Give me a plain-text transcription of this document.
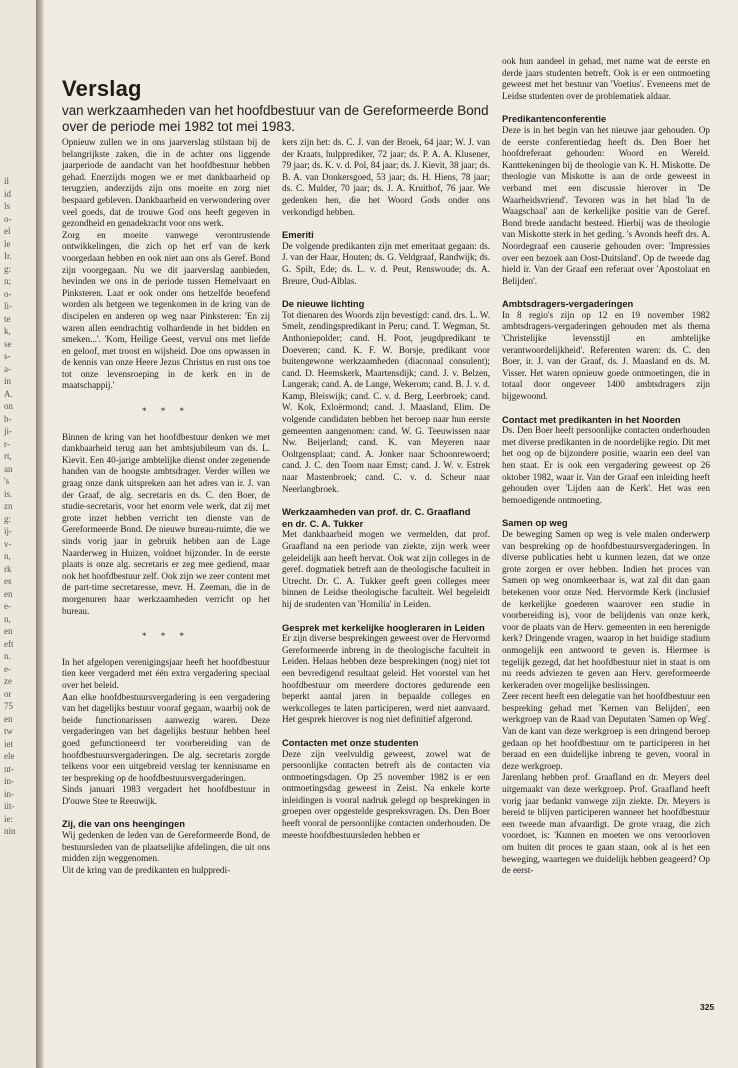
il
id
ls
o-
el
le
Ir.
g:
n;
o-
li-
te
k,
se
s-
a-
in
A.
on
b-
ji-
r-
rt,
an
's
is.
zn
g:
ij-
v-
n,
rk
es
en
e-
n,
en
eft
n.
e-
ze
or
75
en
tw
iet
ele
nt-
in-
in-
iit-
ie:
nin
Verslag
van werkzaamheden van het hoofdbestuur van de Gereformeerde Bond over de periode mei 1982 tot mei 1983.

Opnieuw zullen we in ons jaarverslag stilstaan bij de belangrijkste zaken, die in de achter ons liggende jaarperiode de aandacht van het hoofdbestuur hebben gehad. Enerzijds mogen we er met dankbaarheid op terugzien, anderzijds zijn ons moeite en zorg niet bespaard gebleven. Dankbaarheid en verwondering over veel goeds, dat de trouwe God ons heeft gegeven in gezondheid en genadekracht voor ons werk.

Zorg en moeite vanwege verontrustende ontwikkelingen, die zich op het erf van de kerk voorgedaan hebben en ook niet aan ons als Geref. Bond zijn voorgegaan. Nu we dit jaarverslag aanbieden, bevinden we ons in de periode tussen Hemelvaart en Pinksteren. Laat er ook onder ons hetzelfde beoefend worden als hetgeen we tegenkomen in de kring van de discipelen en anderen op weg naar Pinksteren: 'En zij waren allen eendrachtig volhardende in het bidden en smeken...'. 'Kom, Heilige Geest, vervul ons met liefde en geloof, met troost en wijsheid. Doe ons opwassen in de kennis van onze Heere Jezus Christus en rust ons toe tot onze levensroeping in de kerk en in de maatschappij.'

* * *

Binnen de kring van het hoofdbestuur denken we met dankbaarheid terug aan het ambtsjubileum van ds. L. Kievit. Een 40-jarige ambtelijke dienst onder zegenende handen van de hoogste ambtsdrager. Verder willen we graag onze dank uitspreken aan het adres van ir. J. van der Graaf, de alg. secretaris en ds. C. den Boer, de studie-secretaris, voor het enorm vele werk, dat zij met grote inzet hebben verricht ten dienste van de Gereformeerde Bond. De nieuwe bureau-ruimte, die we sinds vorig jaar in gebruik hebben aan de Lage Naarderweg in Huizen, voldoet bijzonder. In de eerste plaats is onze alg. secretaris er zeg mee gediend, maar ook het hoofdbestuur zelf. Ook zijn we zeer content met de part-time secretaresse, mevr. H. Zeeman, die in de morgenuren haar werkzaamheden verricht op het bureau.

* * *

In het afgelopen verenigingsjaar heeft het hoofdbestuur tien keer vergaderd met één extra vergadering speciaal over het beleid.

Aan elke hoofdbestuursvergadering is een vergadering van het dagelijks bestuur vooraf gegaan, waarbij ook de beide functionarissen aanwezig waren. Deze vergaderingen van het dagelijks bestuur hebben heel goed gefunctioneerd ter voorbereiding van de hoofdbestuursvergaderingen. De alg. secretaris zorgde telkens voor een uitgebreid verslag ter kennisname en ter bespreking op de hoofdbestuursvergaderingen.

Sinds januari 1983 vergadert het hoofdbestuur in D'ouwe Stee te Reeuwijk.

Zij, die van ons heengingen

Wij gedenken de leden van de Gereformeerde Bond, de bestuursleden van de plaatselijke afdelingen, die uit ons midden zijn weggenomen.

Uit de kring van de predikanten en hulppredi-

kers zijn het: ds. C. J. van der Broek, 64 jaar; W. J. van der Kraats, hulpprediker, 72 jaar; ds. P. A. A. Klusener, 79 jaar; ds. K. v. d. Pol, 84 jaar; ds. J. Kievit, 38 jaar; ds. B. A. van Donkersgoed, 53 jaar; ds. H. Hiens, 78 jaar; ds. C. Mulder, 70 jaar; ds. J. A. Kruithof, 76 jaar. We gedenken hen, die het Woord Gods onder ons verkondigd hebben.

Emeriti

De volgende predikanten zijn met emeritaat gegaan: ds. J. van der Haar, Houten; ds. G. Veldgraaf, Randwijk; ds. G. Spilt, Ede; ds. L. v. d. Peut, Renswoude; ds. A. Breure, Oud-Alblas.

De nieuwe lichting

Tot dienaren des Woords zijn bevestigd: cand. drs. L. W. Smelt, zendingspredikant in Peru; cand. T. Wegman, St. Anthoniepolder; cand. H. Poot, jeugdpredikant te Doeveren; cand. K. F. W. Borsje, predikant voor buitengewone werkzaamheden (diaconaal consulent); cand. D. Heemskerk, Maartensdijk; cand. J. v. Belzen, Langerak; cand. A. de Lange, Wekerom; cand. B. J. v. d. Kamp, Bleiswijk; cand. C. v. d. Berg, Leerbroek; cand. W. Kok, Exloërmond; cand. J. Maasland, Elim. De volgende candidaten hebben het beroep naar hun eerste gemeenten aangenomen: cand. W. G. Teeuwissen naar Nw. Beijerland; cand. K. van Meyeren naar Ooltgensplaat; cand. A. Jonker naar Schoonrewoerd; cand. J. C. den Toom naar Emst; cand. J. W. v. Estrek naar Mastenbroek; cand. C. v. d. Scheur naar Neerlangbroek.

Werkzaamheden van prof. dr. C. Graafland

en dr. C. A. Tukker

Met dankbaarheid mogen we vermelden, dat prof. Graafland na een periode van ziekte, zijn werk weer geleidelijk aan heeft hervat. Ook wat zijn colleges in de geref. dogmatiek betreft aan de theologische faculteit in Utrecht. Dr. C. A. Tukker geeft geen colleges meer binnen de Leidse theologische faculteit. Wel begeleidt hij de studenten van 'Homilia' in Leiden.

Gesprek met kerkelijke hoogleraren in Leiden

Er zijn diverse besprekingen geweest over de Hervormd Gereformeerde inbreng in de theologische faculteit in Leiden. Helaas hebben deze besprekingen (nog) niet tot een bevredigend resultaat geleid. Het voorstel van het hoofdbestuur om meerdere doctores gedurende een beperkt aantal jaren in bepaalde colleges en werkcolleges te laten participeren, werd niet aanvaard. Het gesprek hierover is nog niet definitief afgerond.

Contacten met onze studenten

Deze zijn veelvuldig geweest, zowel wat de persoonlijke contacten betreft als de contacten via ontmoetingsdagen. Op 25 november 1982 is er een ontmoetingsdag geweest in Zeist. Na enkele korte inleidingen is vooral nadruk gelegd op besprekingen in groepen over opgestelde gespreksvragen. Ds. Den Boer heeft vooral de persoonlijke contacten onderhouden. De meeste hoofdbestuursleden hebben er

ook hun aandeel in gehad, met name wat de eerste en derde jaars studenten betreft. Ook is er een ontmoeting geweest met het bestuur van 'Voetius'. Eveneens met de Leidse studenten over de problematiek aldaar.

Predikantenconferentie

Deze is in het begin van het nieuwe jaar gehouden. Op de eerste conferentiedag heeft ds. Den Boer het hoofdreferaat gehouden: Woord en Wereld. Kanttekeningen bij de theologie van K. H. Miskotte. De theologie van Miskotte is aan de orde geweest in verband met een discussie hierover in 'De Waarheidsvriend'. Tevoren was in het blad 'In de Waagschaal' aan de kerkelijke positie van de Geref. Bond brede aandacht besteed. Hierbij was de theologie van Miskotte sterk in het geding. 's Avonds heeft drs. A. Noordegraaf een causerie gehouden over: 'Impressies over een bezoek aan Oost-Duitsland'. Op de tweede dag hield ir. Van der Graaf een referaat over 'Apostolaat en Belijden'.

Ambtsdragers-vergaderingen

In 8 regio's zijn op 12 en 19 november 1982 ambtsdragers-vergaderingen gehouden met als thema 'Christelijke levensstijl en ambtelijke verantwoordelijkheid'. Referenten waren: ds. C. den Boer, ir. J. van der Graaf, ds. J. Maasland en ds. M. Visser. Het waren opnieuw goede ontmoetingen, die in totaal door ongeveer 1400 ambtsdragers zijn bijgewoond.

Contact met predikanten in het Noorden

Ds. Den Boer heeft persoonlijke contacten onderhouden met diverse predikanten in de noordelijke regio. Dit met het oog op de bijzondere positie, waarin een deel van hen staat. Er is ook een vergadering geweest op 26 oktober 1982, waar ir. Van der Graaf een inleiding heeft gehouden over 'Lijden aan de Kerk'. Het was een bemoedigende ontmoeting.

Samen op weg

De beweging Samen op weg is vele malen onderwerp van bespreking op de hoofdbestuursvergaderingen. In diverse publicaties hebt u kunnen lezen, dat we onze grote zorgen er over hebben. Indien het proces van Samen op weg onomkeerbaar is, wat zal dit dan gaan betekenen voor onze Ned. Hervormde Kerk (inclusief de kerkelijke goederen waarover een studie in voorbereiding is), voor de belijdenis van onze kerk, voor de plaats van de Herv. gemeenten in een herenigde kerk? Dringende vragen, waarop in het huidige stadium onmogelijk een antwoord te geven is. Hiermee is tegelijk gezegd, dat het hoofdbestuur niet in staat is om nu reeds adviezen te geven aan Herv. gereformeerde kerkeraden over mogelijke beslissingen.

Zeer recent heeft een delegatie van het hoofdbestuur een bespreking gehad met 'Kernen van Belijden', een werkgroep van de Raad van Deputaten 'Samen op Weg'. Van de kant van deze werkgroep is een dringend beroep gedaan op het hoofdbestuur om te participeren in het beraad en een duidelijke inbreng te geven, vooral in deze werkgroep.

Jarenlang hebben prof. Graafland en dr. Meyers deel uitgemaakt van deze werkgroep. Prof. Graafland heeft vorig jaar bedankt vanwege zijn ziekte. Dr. Meyers is bereid te blijven participeren wanneer het hoofdbestuur een tweede man afvaardigt. De grote vraag, die zich voordoet, is: 'Kunnen en moeten we ons veroorloven om buiten dit proces te gaan staan, ook al is het een beweging, waartegen we duidelijk hebben geageerd? Op de eerst-

325
